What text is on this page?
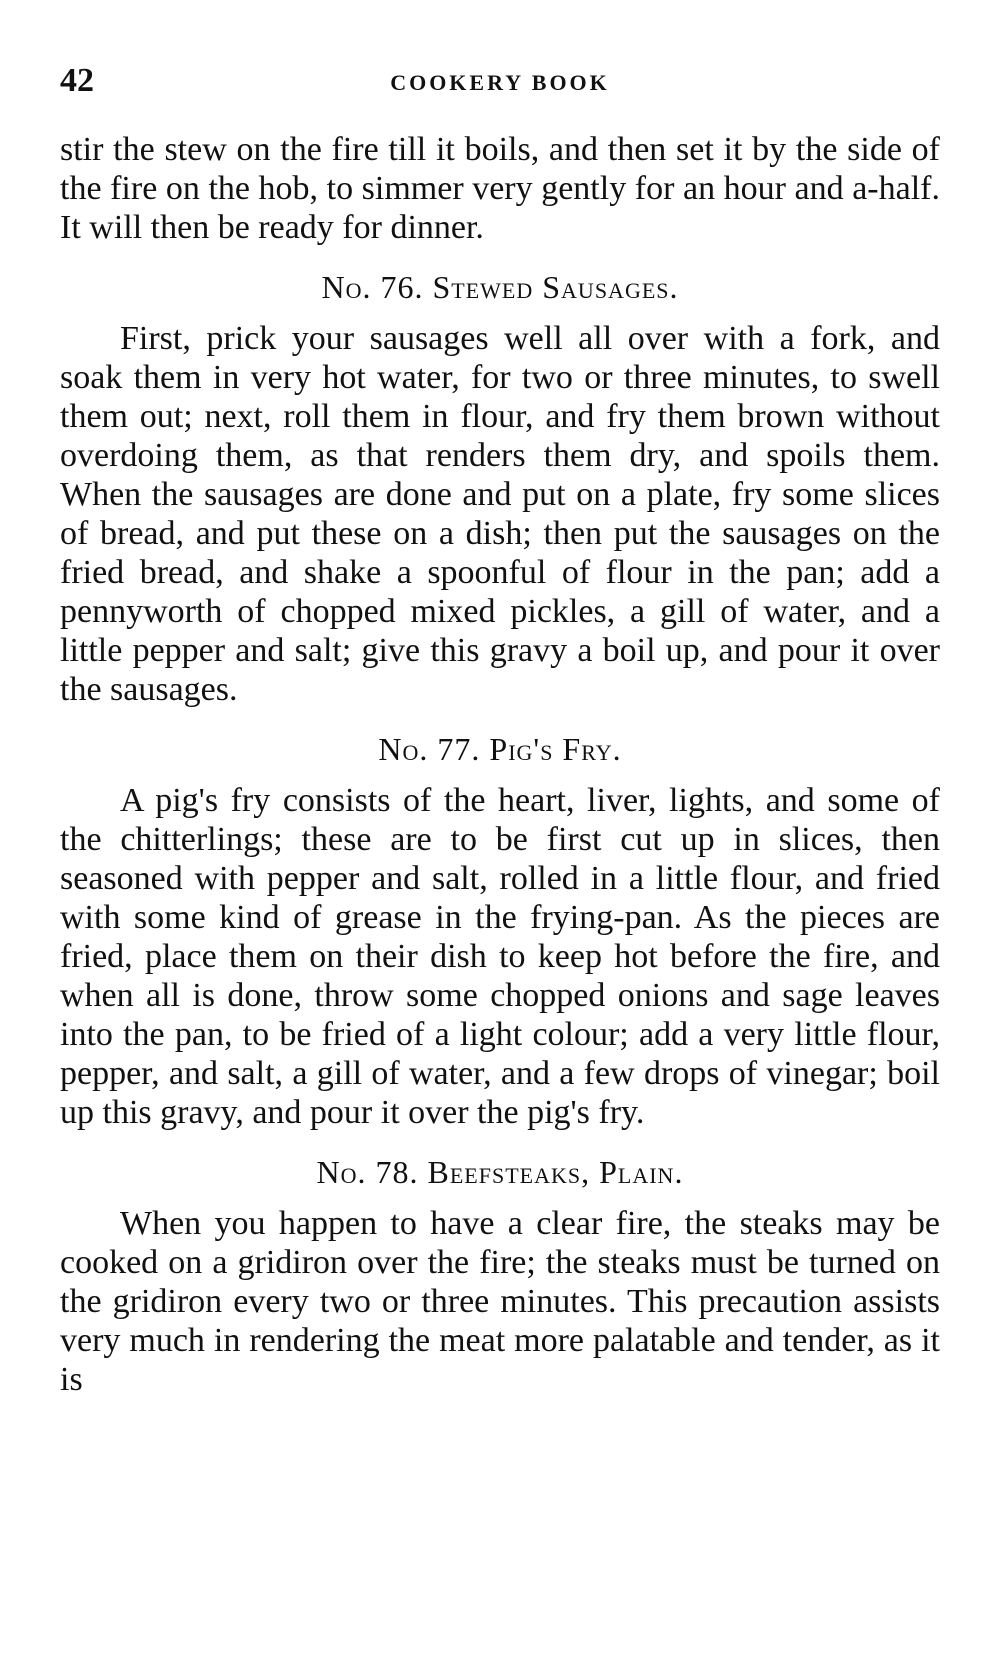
42	COOKERY BOOK

stir the stew on the fire till it boils, and then set it by the side of the fire on the hob, to simmer very gently for an hour and a-half. It will then be ready for dinner.

No. 76. Stewed Sausages.

First, prick your sausages well all over with a fork, and soak them in very hot water, for two or three minutes, to swell them out; next, roll them in flour, and fry them brown without overdoing them, as that renders them dry, and spoils them. When the sausages are done and put on a plate, fry some slices of bread, and put these on a dish; then put the sausages on the fried bread, and shake a spoonful of flour in the pan; add a pennyworth of chopped mixed pickles, a gill of water, and a little pepper and salt; give this gravy a boil up, and pour it over the sausages.

No. 77. Pig's Fry.

A pig's fry consists of the heart, liver, lights, and some of the chitterlings; these are to be first cut up in slices, then seasoned with pepper and salt, rolled in a little flour, and fried with some kind of grease in the frying-pan. As the pieces are fried, place them on their dish to keep hot before the fire, and when all is done, throw some chopped onions and sage leaves into the pan, to be fried of a light colour; add a very little flour, pepper, and salt, a gill of water, and a few drops of vinegar; boil up this gravy, and pour it over the pig's fry.

No. 78. Beefsteaks, Plain.

When you happen to have a clear fire, the steaks may be cooked on a gridiron over the fire; the steaks must be turned on the gridiron every two or three minutes. This precaution assists very much in rendering the meat more palatable and tender, as it is
